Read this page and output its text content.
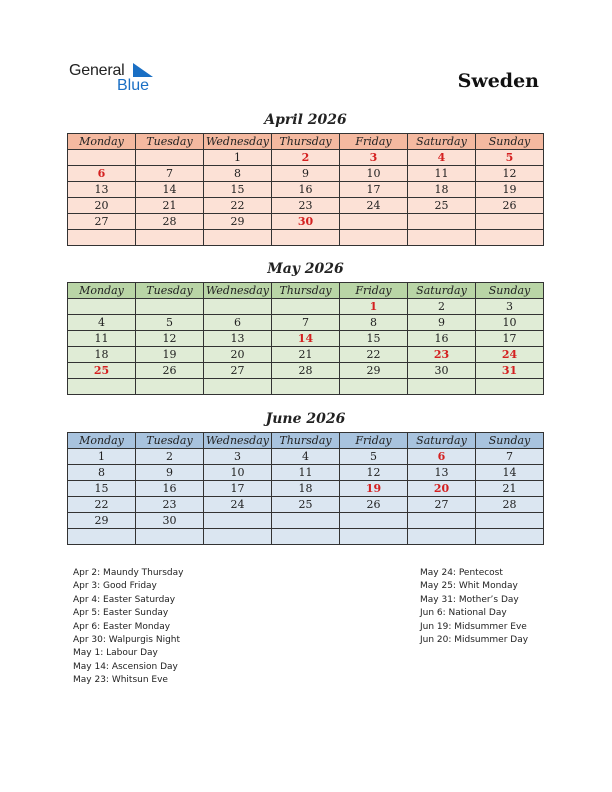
General
Blue	Sweden
April 2026
Monday	Tuesday	Wednesday	Thursday	Friday	Saturday	Sunday
		1	2	3	4	5
6	7	8	9	10	11	12
13	14	15	16	17	18	19
20	21	22	23	24	25	26
27	28	29	30			

May 2026
Monday	Tuesday	Wednesday	Thursday	Friday	Saturday	Sunday
				1	2	3
4	5	6	7	8	9	10
11	12	13	14	15	16	17
18	19	20	21	22	23	24
25	26	27	28	29	30	31

June 2026
Monday	Tuesday	Wednesday	Thursday	Friday	Saturday	Sunday
1	2	3	4	5	6	7
8	9	10	11	12	13	14
15	16	17	18	19	20	21
22	23	24	25	26	27	28
29	30					

Apr 2: Maundy Thursday
Apr 3: Good Friday
Apr 4: Easter Saturday
Apr 5: Easter Sunday
Apr 6: Easter Monday
Apr 30: Walpurgis Night
May 1: Labour Day
May 14: Ascension Day
May 23: Whitsun Eve
May 24: Pentecost
May 25: Whit Monday
May 31: Mother’s Day
Jun 6: National Day
Jun 19: Midsummer Eve
Jun 20: Midsummer Day
